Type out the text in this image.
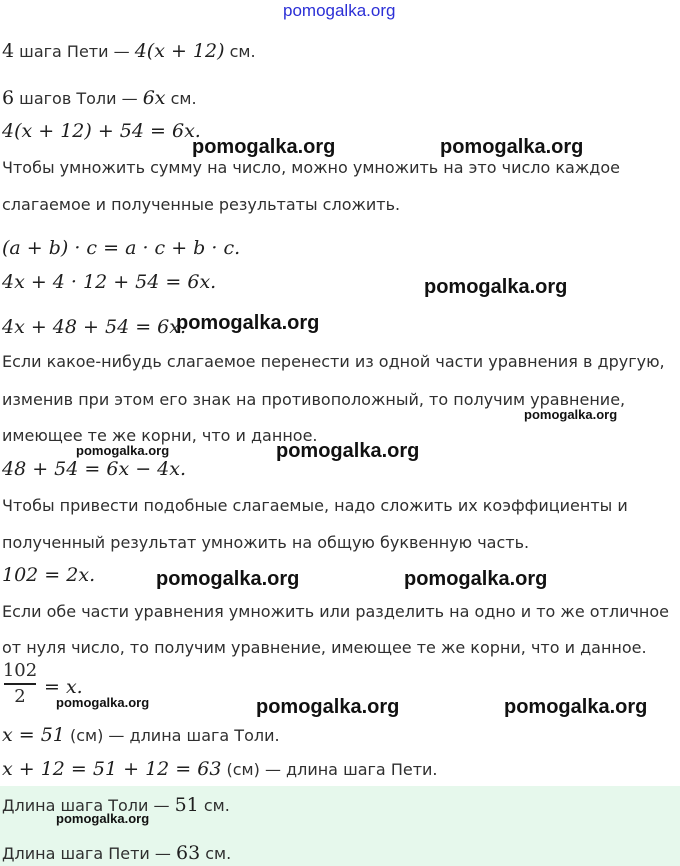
pomogalka.org
4 шага Пети — 4(x + 12) см.
6 шагов Толи — 6x см.
4(x + 12) + 54 = 6x.
pomogalka.org	pomogalka.org
Чтобы умножить сумму на число, можно умножить на это число каждое
слагаемое и полученные результаты сложить.
(a + b) · c = a · c + b · c.
4x + 4 · 12 + 54 = 6x.	pomogalka.org
4x + 48 + 54 = 6x.
pomogalka.org
Если какое-нибудь слагаемое перенести из одной части уравнения в другую,
изменив при этом его знак на противоположный, то получим уравнение,
pomogalka.org
имеющее те же корни, что и данное.
pomogalka.org
48 + 54 = 6x − 4x.
pomogalka.org
Чтобы привести подобные слагаемые, надо сложить их коэффициенты и
полученный результат умножить на общую буквенную часть.
102 = 2x.	pomogalka.org	pomogalka.org
Если обе части уравнения умножить или разделить на одно и то же отличное
от нуля число, то получим уравнение, имеющее те же корни, что и данное.
102
2 = x.
pomogalka.org	pomogalka.org	pomogalka.org
x = 51 (см) — длина шага Толи.
x + 12 = 51 + 12 = 63 (см) — длина шага Пети.
Длина шага Толи — 51 см.
pomogalka.org
Длина шага Пети — 63 см.
